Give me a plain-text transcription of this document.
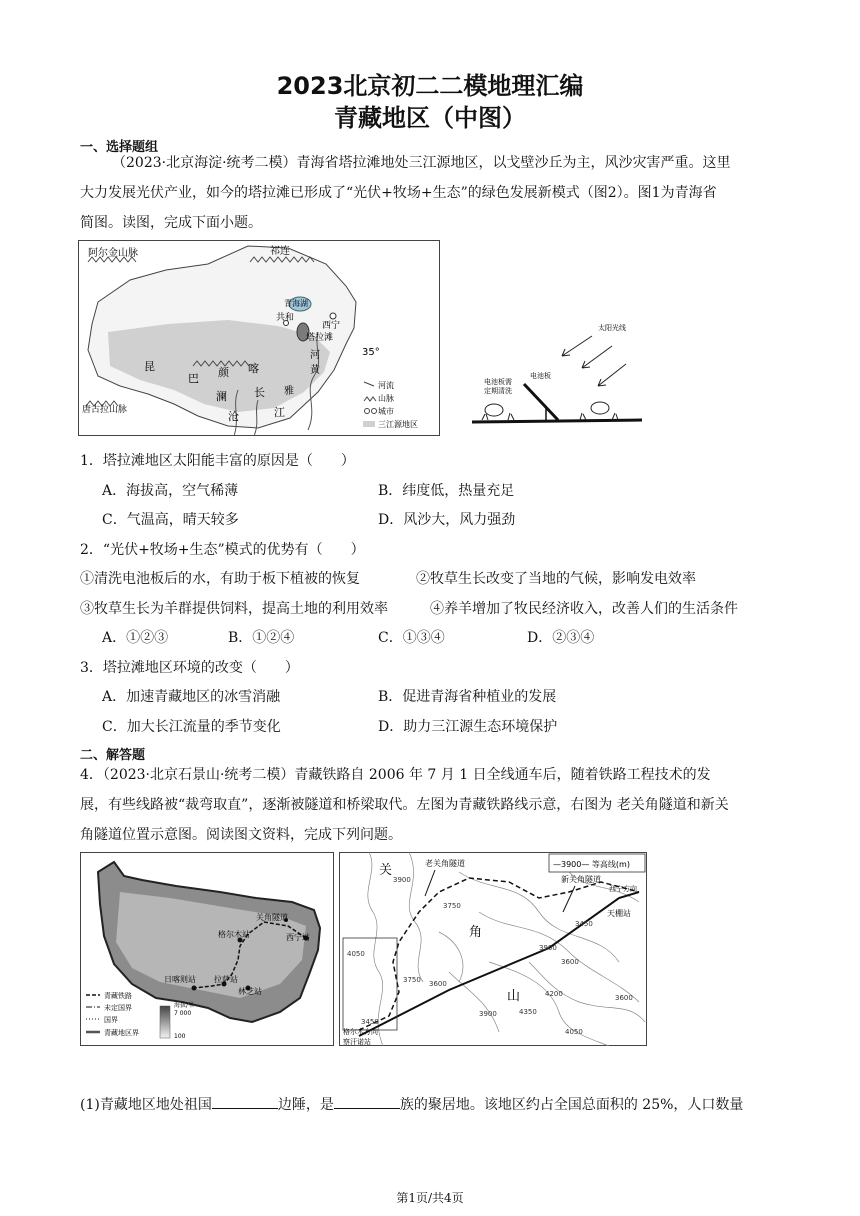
2023北京初二二模地理汇编
青藏地区（中图）
一、选择题组
（2023·北京海淀·统考二模）青海省塔拉滩地处三江源地区，以戈壁沙丘为主，风沙灾害严重。这里
大力发展光伏产业，如今的塔拉滩已形成了“光伏+牧场+生态”的绿色发展新模式（图2）。图1为青海省
简图。读图，完成下面小题。
阿尔金山脉	祁连
青海湖
共和
西宁
塔拉滩
河
黄
昆
巴 颜 喀
澜
沧
长
江
雅
唐古拉山脉
35°
河流
山脉
城市
三江源地区
太阳光线
电池板
电池板需
定期清洗
1．塔拉滩地区太阳能丰富的原因是（　　）
A．海拔高，空气稀薄	B．纬度低，热量充足
C．气温高，晴天较多	D．风沙大，风力强劲
2．“光伏+牧场+生态”模式的优势有（　　）
①清洗电池板后的水，有助于板下植被的恢复	②牧草生长改变了当地的气候，影响发电效率
③牧草生长为羊群提供饲料，提高土地的利用效率	④养羊增加了牧民经济收入，改善人们的生活条件
A．①②③	B．①②④	C．①③④	D．②③④
3．塔拉滩地区环境的改变（　　）
A．加速青藏地区的冰雪消融	B．促进青海省种植业的发展
C．加大长江流量的季节变化	D．助力三江源生态环境保护
二、解答题
4．（2023·北京石景山·统考二模）青藏铁路自 2006 年 7 月 1 日全线通车后，随着铁路工程技术的发
展，有些线路被“裁弯取直”，逐渐被隧道和桥梁取代。左图为青藏铁路线示意，右图为 老关角隧道和新关
角隧道位置示意图。阅读图文资料，完成下列问题。
关角隧道
格尔木站	西宁站
日喀则站 拉萨站
林芝站
青藏铁路
未定国界
国界
青藏地区界
海拔/米
7 000
100
—3900— 等高线(m)
老关角隧道
新关角隧道
西宁方向
天棚站
格尔木方向
察汗诺站
关
角
山
3900
3750
3450
4050
3750 3600
3900
3600
3900	4350
4200
4050
3600
3450
(1)青藏地区地处祖国	边陲，是	族的聚居地。该地区约占全国总面积的 25%，人口数量
第1页/共4页
